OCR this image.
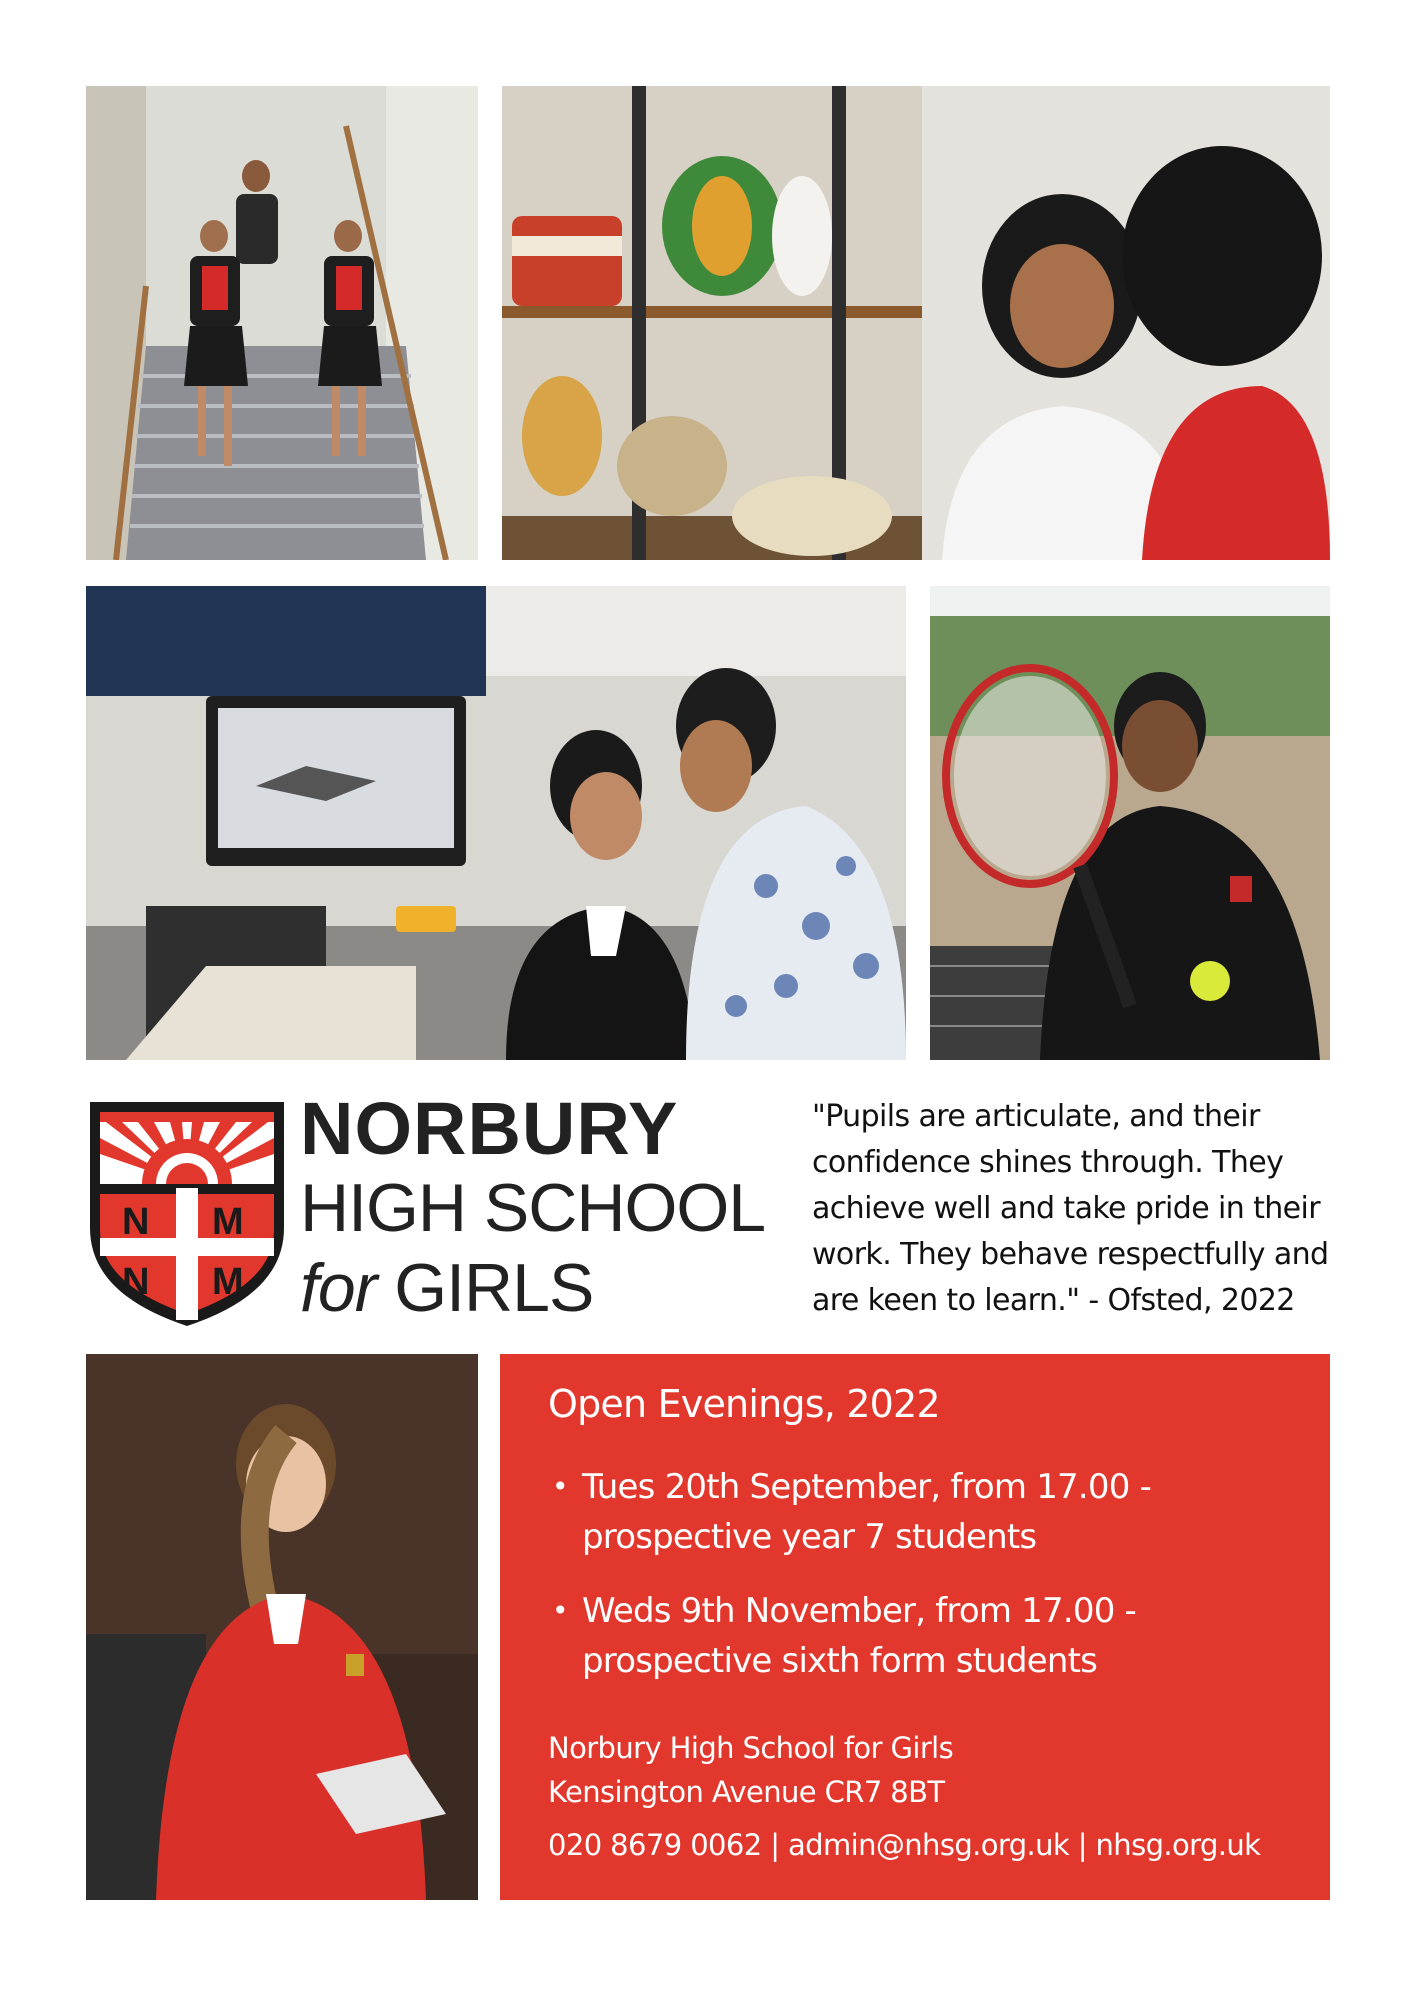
N M
N M
NORBURY
HIGH SCHOOL
for GIRLS
"Pupils are articulate, and their confidence shines through. They achieve well and take pride in their work. They behave respectfully and are keen to learn." - Ofsted, 2022
Open Evenings, 2022
• Tues 20th September, from 17.00 - prospective year 7 students
• Weds 9th November, from 17.00 - prospective sixth form students
Norbury High School for Girls
Kensington Avenue CR7 8BT
020 8679 0062 | admin@nhsg.org.uk | nhsg.org.uk
